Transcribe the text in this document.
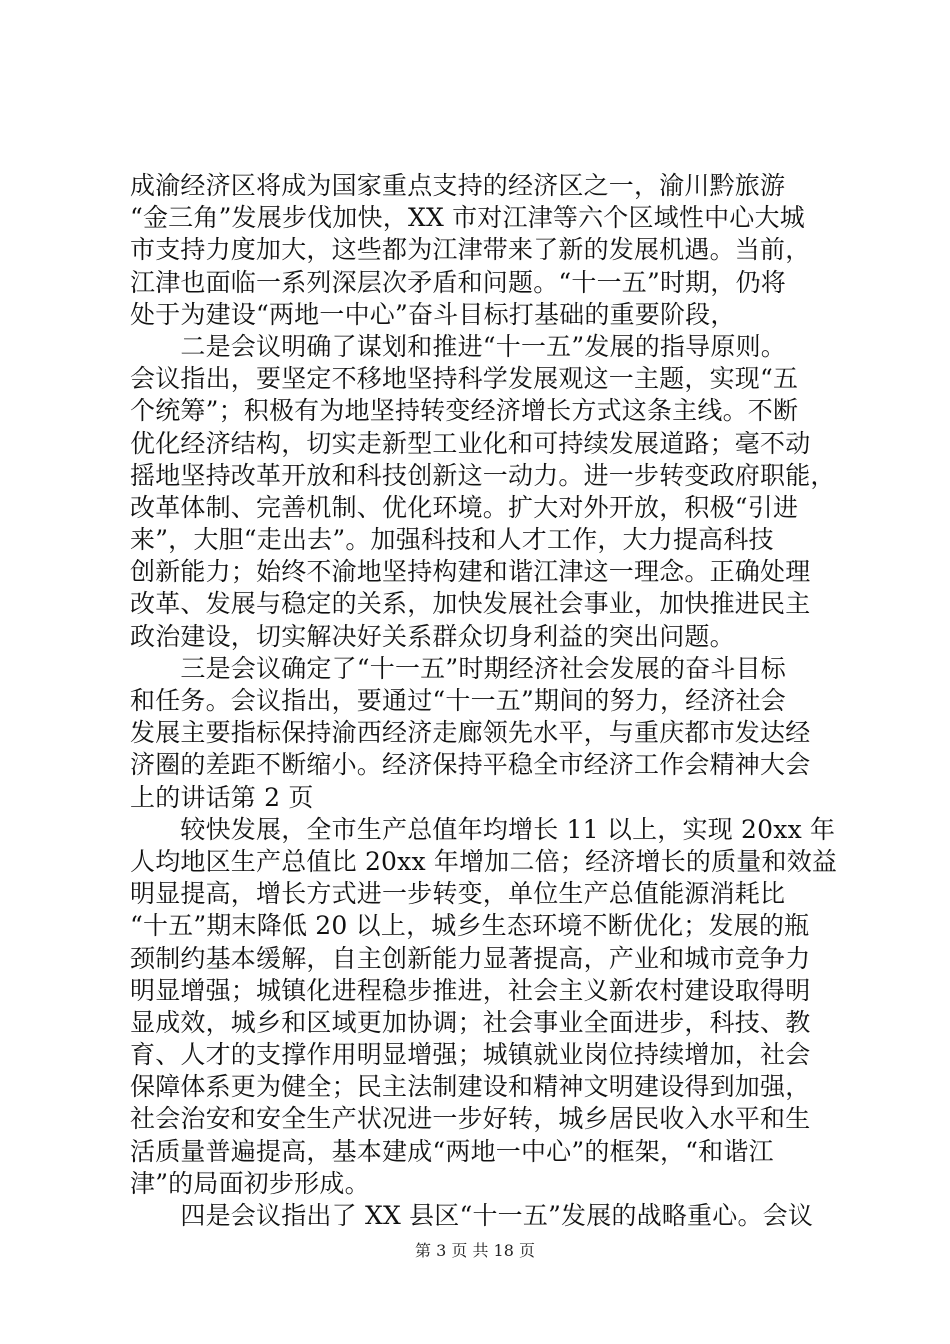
成渝经济区将成为国家重点支持的经济区之一，渝川黔旅游
“金三角”发展步伐加快，XX 市对江津等六个区域性中心大城
市支持力度加大，这些都为江津带来了新的发展机遇。当前，
江津也面临一系列深层次矛盾和问题。“十一五”时期，仍将
处于为建设“两地一中心”奋斗目标打基础的重要阶段，
　　二是会议明确了谋划和推进“十一五”发展的指导原则。
会议指出，要坚定不移地坚持科学发展观这一主题，实现“五
个统筹”；积极有为地坚持转变经济增长方式这条主线。不断
优化经济结构，切实走新型工业化和可持续发展道路；毫不动
摇地坚持改革开放和科技创新这一动力。进一步转变政府职能，
改革体制、完善机制、优化环境。扩大对外开放，积极“引进
来”，大胆“走出去”。加强科技和人才工作，大力提高科技
创新能力；始终不渝地坚持构建和谐江津这一理念。正确处理
改革、发展与稳定的关系，加快发展社会事业，加快推进民主
政治建设，切实解决好关系群众切身利益的突出问题。
　　三是会议确定了“十一五”时期经济社会发展的奋斗目标
和任务。会议指出，要通过“十一五”期间的努力，经济社会
发展主要指标保持渝西经济走廊领先水平，与重庆都市发达经
济圈的差距不断缩小。经济保持平稳全市经济工作会精神大会
上的讲话第 2 页
　　较快发展，全市生产总值年均增长 11 以上，实现 20xx 年
人均地区生产总值比 20xx 年增加二倍；经济增长的质量和效益
明显提高，增长方式进一步转变，单位生产总值能源消耗比
“十五”期末降低 20 以上，城乡生态环境不断优化；发展的瓶
颈制约基本缓解，自主创新能力显著提高，产业和城市竞争力
明显增强；城镇化进程稳步推进，社会主义新农村建设取得明
显成效，城乡和区域更加协调；社会事业全面进步，科技、教
育、人才的支撑作用明显增强；城镇就业岗位持续增加，社会
保障体系更为健全；民主法制建设和精神文明建设得到加强，
社会治安和安全生产状况进一步好转，城乡居民收入水平和生
活质量普遍提高，基本建成“两地一中心”的框架，“和谐江
津”的局面初步形成。
　　四是会议指出了 XX 县区“十一五”发展的战略重心。会议
第 3 页 共 18 页
